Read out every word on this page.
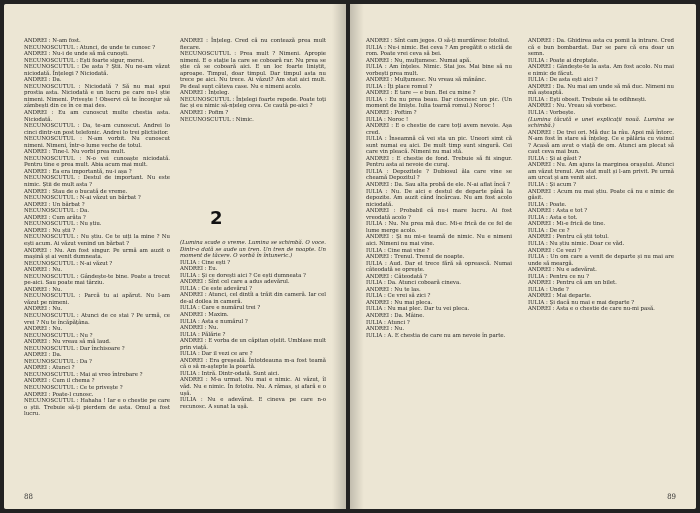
ANDREI : N-am fost.

NECUNOSCUTUL : Atunci, de unde te cunosc ?

ANDREI : Nu-i de unde să mă cunoști.

NECUNOSCUTUL : Ești foarte sigur, mersi.

NECUNOSCUTUL : De asta ? Știi. Nu ne-am văzut niciodată. Înțelegi ? Niciodată.

ANDREI : Da.

NECUNOSCUTUL : Niciodată ? Să nu mai spui prostia asta. Niciodată e un lucru pe care nu-l știe nimeni. Nimeni. Privește ! Observi că te înconjur să zâmbești din ce în ce mai des.

ANDREI : Eu am cunoscut multe chestia asta. Niciodată.

NECUNOSCUTUL : Da, te-am cunoscut. Andrei lo cinci dintr-un post telefonic. Andrei lo trei plictisitor.

NECUNOSCUTUL : N-am vorbit. Nu cunoscut nimeni. Nimeni, într-o lume veche de totul.

ANDREI : Tine-l. Nu vorbi prea mult.

NECUNOSCUTUL : N-o vei cunoaște niciodată. Pentru tine e prea mult. Abia acum mai mult.

ANDREI : Ea era importantă, nu-i așa ?

NECUNOSCUTUL : Destul de important. Nu este nimic. Știi de mult asta ?

ANDREI : Stau de o bucată de vreme.

NECUNOSCUTUL : N-ai văzut un bărbat ?

ANDREI : Un bărbat ?

NECUNOSCUTUL : Da.

ANDREI : Cum arăta ?

NECUNOSCUTUL : Nu știu.

ANDREI : Nu știi ?

NECUNOSCUTUL : Nu știu. Ce te uiți la mine ? Nu ești acum. Ai văzut venind un bărbat ?

ANDREI : Nu. Am fost singur. Pe urmă am auzit o mașină și ai venit dumneata.

NECUNOSCUTUL : N-ai văzut ?

ANDREI : Nu.

NECUNOSCUTUL : Gândește-te bine. Poate a trecut pe-aici. Sau poate mai târziu.

ANDREI : Nu.

NECUNOSCUTUL : Parcă tu ai apărut. Nu l-am văzut pe nimeni.

ANDREI : Nu.

NECUNOSCUTUL : Atunci de ce stai ? Pe urmă, ce vrei ? Nu te încăpățâna.

ANDREI : Nu.

NECUNOSCUTUL : Nu ?

ANDREI : Nu vreau să mă laud.

NECUNOSCUTUL : Dar închisoare ?

ANDREI : Da.

NECUNOSCUTUL : Da ?

ANDREI : Atunci ?

NECUNOSCUTUL : Mai ai vreo întrebare ?

ANDREI : Cum il chema ?

NECUNOSCUTUL : Ce te privește ?

ANDREI : Poate-l cunosc.

NECUNOSCUTUL : Hahaha ! Iar e o chestie pe care o știi. Trebuie să-ți pierdem de asta. Omul a fost lucru.

ANDREI : Înțeleg. Cred că nu contează prea mult fiecare.

NECUNOSCUTUL : Prea mult ? Nimeni. Apropie nimeni. E o stație la care se coboară rar. Nu prea se știe că se coboară aici. E un loc foarte liniștit, aproape. Timpul, doar timpul. Dar timpul asta nu trece pe aici. Nu trece. Ai văzut? Am stat aici mult. Pe deal sunt câteva case. Nu e nimeni acolo.

ANDREI : Înțeleg.

NECUNOSCUTUL : Înțelegi foarte repede. Poate toți fac și eu nimic să-nțeleg ceva. Ce caută pe-aici ?

ANDREI : Pofim ?

NECUNOSCUTUL : Nimic.

2

(Lumina scade o vreme. Lumina se schimbă. O voce. Dintr-o dată se aude un tren. Un tren de noapte. Un moment de tăcere. O vorbă în întuneric.)

IULIA : Cine ești ?

ANDREI : Eu.

IULIA : Și ce dorești aici ? Ce ești dumneata ?

ANDREI : Sînt cel care a adus adevărul.

IULIA : Ce este adevărul ?

ANDREI : Atunci, cel dintîi a trăit din cameră. Iar cel de-al doilea in cameră.

IULIA : Care e numărul trei ?

ANDREI : Maxim.

IULIA : Asta e numărul ?

ANDREI : Nu.

IULIA : Pălărie ?

ANDREI : E vorba de un căpitan oțelit. Umblase mult prin viață.

IULIA : Dar il vezi ce are ?

ANDREI : Era greșeală. Întotdeauna m-a fost teamă că o să m-aștepte la poartă.

IULIA : Intră. Dintr-odată. Sunt aici.

ANDREI : M-a urmat. Nu mai e nimic. Ai văzut, îl văd. Nu e nimic. În fotoliu. Nu. A rămas, și afară e o ușă.

IULIA : Nu e adevărat. E cineva pe care n-o recunosc. A sunat la ușă.

88

ANDREI : Sînt cam jegos. O să-ți murdăresc fotoliul.

IULIA : Nu-i nimic. Bei ceva ? Am pregătit o sticlă de rom. Poate vrei ceva să bei.

ANDREI : Nu, mulțumesc. Numai apă.

IULIA : Am înțeles. Nimic. Stai jos. Mai bine să nu vorbești prea mult.

ANDREI : Mulțumesc. Nu vreau să mănânc.

IULIA : Îți place romul ?

ANDREI : E tare — e bun. Bei cu mine ?

IULIA : Eu nu prea beau. Dar ciocnesc un pic. (Un moment de liniște. Iulia toarnă romul.) Noroc !

ANDREI : Poftim ?

IULIA : Noroc !

ANDREI : E o chestie de care toți avem nevoie. Așa cred.

IULIA : Înseamnă că vei sta un pic. Uneori simt că sunt numai eu aici. De mult timp sunt singură. Cei care vin pleacă. Nimeni nu mai stă.

ANDREI : E chestie de fond. Trebuie să fii singur. Pentru asta ai nevoie de curaj.

IULIA : Depozitele ? Dubiosul ăla care vine se cheamă Depozitul ?

ANDREI : Da. Sau alta probă de ele. N-ai aflat încă ?

IULIA : Nu. De aici e destul de departe până la depozite. Am auzit când încărcau. Nu am fost acolo niciodată.

ANDREI : Probabil că nu-i mare lucru. Ai fost vreodată acolo ?

IULIA : Nu. Nu prea mă duc. Mi-e frică de ce fel de lume merge acolo.

ANDREI : Și nu mi-e teamă de nimic. Nu e nimeni aici. Nimeni nu mai vine.

IULIA : Cine mai vine ?

ANDREI : Trenul. Trenul de noapte.

IULIA : Aud. Dar el trece fără să oprească. Numai câteodată se oprește.

ANDREI : Câteodată ?

IULIA : Da. Atunci coboară cineva.

ANDREI : Nu te las.

IULIA : Ce vrei să zici ?

ANDREI : Nu mai pleca.

IULIA : Nu mai plec. Dar tu vei pleca.

ANDREI : Da. Mâine.

IULIA : Atunci ?

ANDREI : Nu.

IULIA : A. E chestia de care nu am nevoie în parte.

ANDREI : Da. Ghidirea asta cu pomii la intrare. Cred că e bun bombardat. Dar se pare că era doar un semn.

IULIA : Poate ai dreptate.

ANDREI : Gândește-te la asta. Am fost acolo. Nu mai e nimic de făcut.

IULIA : De asta ești aici ?

ANDREI : Da. Nu mai am unde să mă duc. Nimeni nu mă așteaptă.

IULIA : Ești obosit. Trebuie să te odihnești.

ANDREI : Nu. Vreau să vorbesc.

IULIA : Vorbește.

(Lumina tăcută e unei explicații nouă. Lumina se schimbă.)

ANDREI : De trei ori. Mă duc la râu. Apoi mă întorc. N-am fost în stare să înțeleg. Ce e pălăria cu visinul ? Acasă am avut o viață de om. Atunci am plecat să caut ceva mai bun.

IULIA : Și ai găsit ?

ANDREI : Nu. Am ajuns la marginea orașului. Atunci am văzut trenul. Am stat mult și l-am privit. Pe urmă am urcat și am venit aici.

IULIA : Și acum ?

ANDREI : Acum nu mai știu. Poate că nu e nimic de găsit.

IULIA : Poate.

ANDREI : Asta e tot ?

IULIA : Asta e tot.

ANDREI : Mi-e frică de tine.

IULIA : De ce ?

ANDREI : Pentru că știi totul.

IULIA : Nu știu nimic. Doar ce văd.

ANDREI : Ce vezi ?

IULIA : Un om care a venit de departe și nu mai are unde să meargă.

ANDREI : Nu e adevărat.

IULIA : Pentru ce nu ?

ANDREI : Pentru că am un bilet.

IULIA : Unde ?

ANDREI : Mai departe.

IULIA : Și dacă nu mai e mai departe ?

ANDREI : Asta e o chestie de care nu-mi pasă.

89
